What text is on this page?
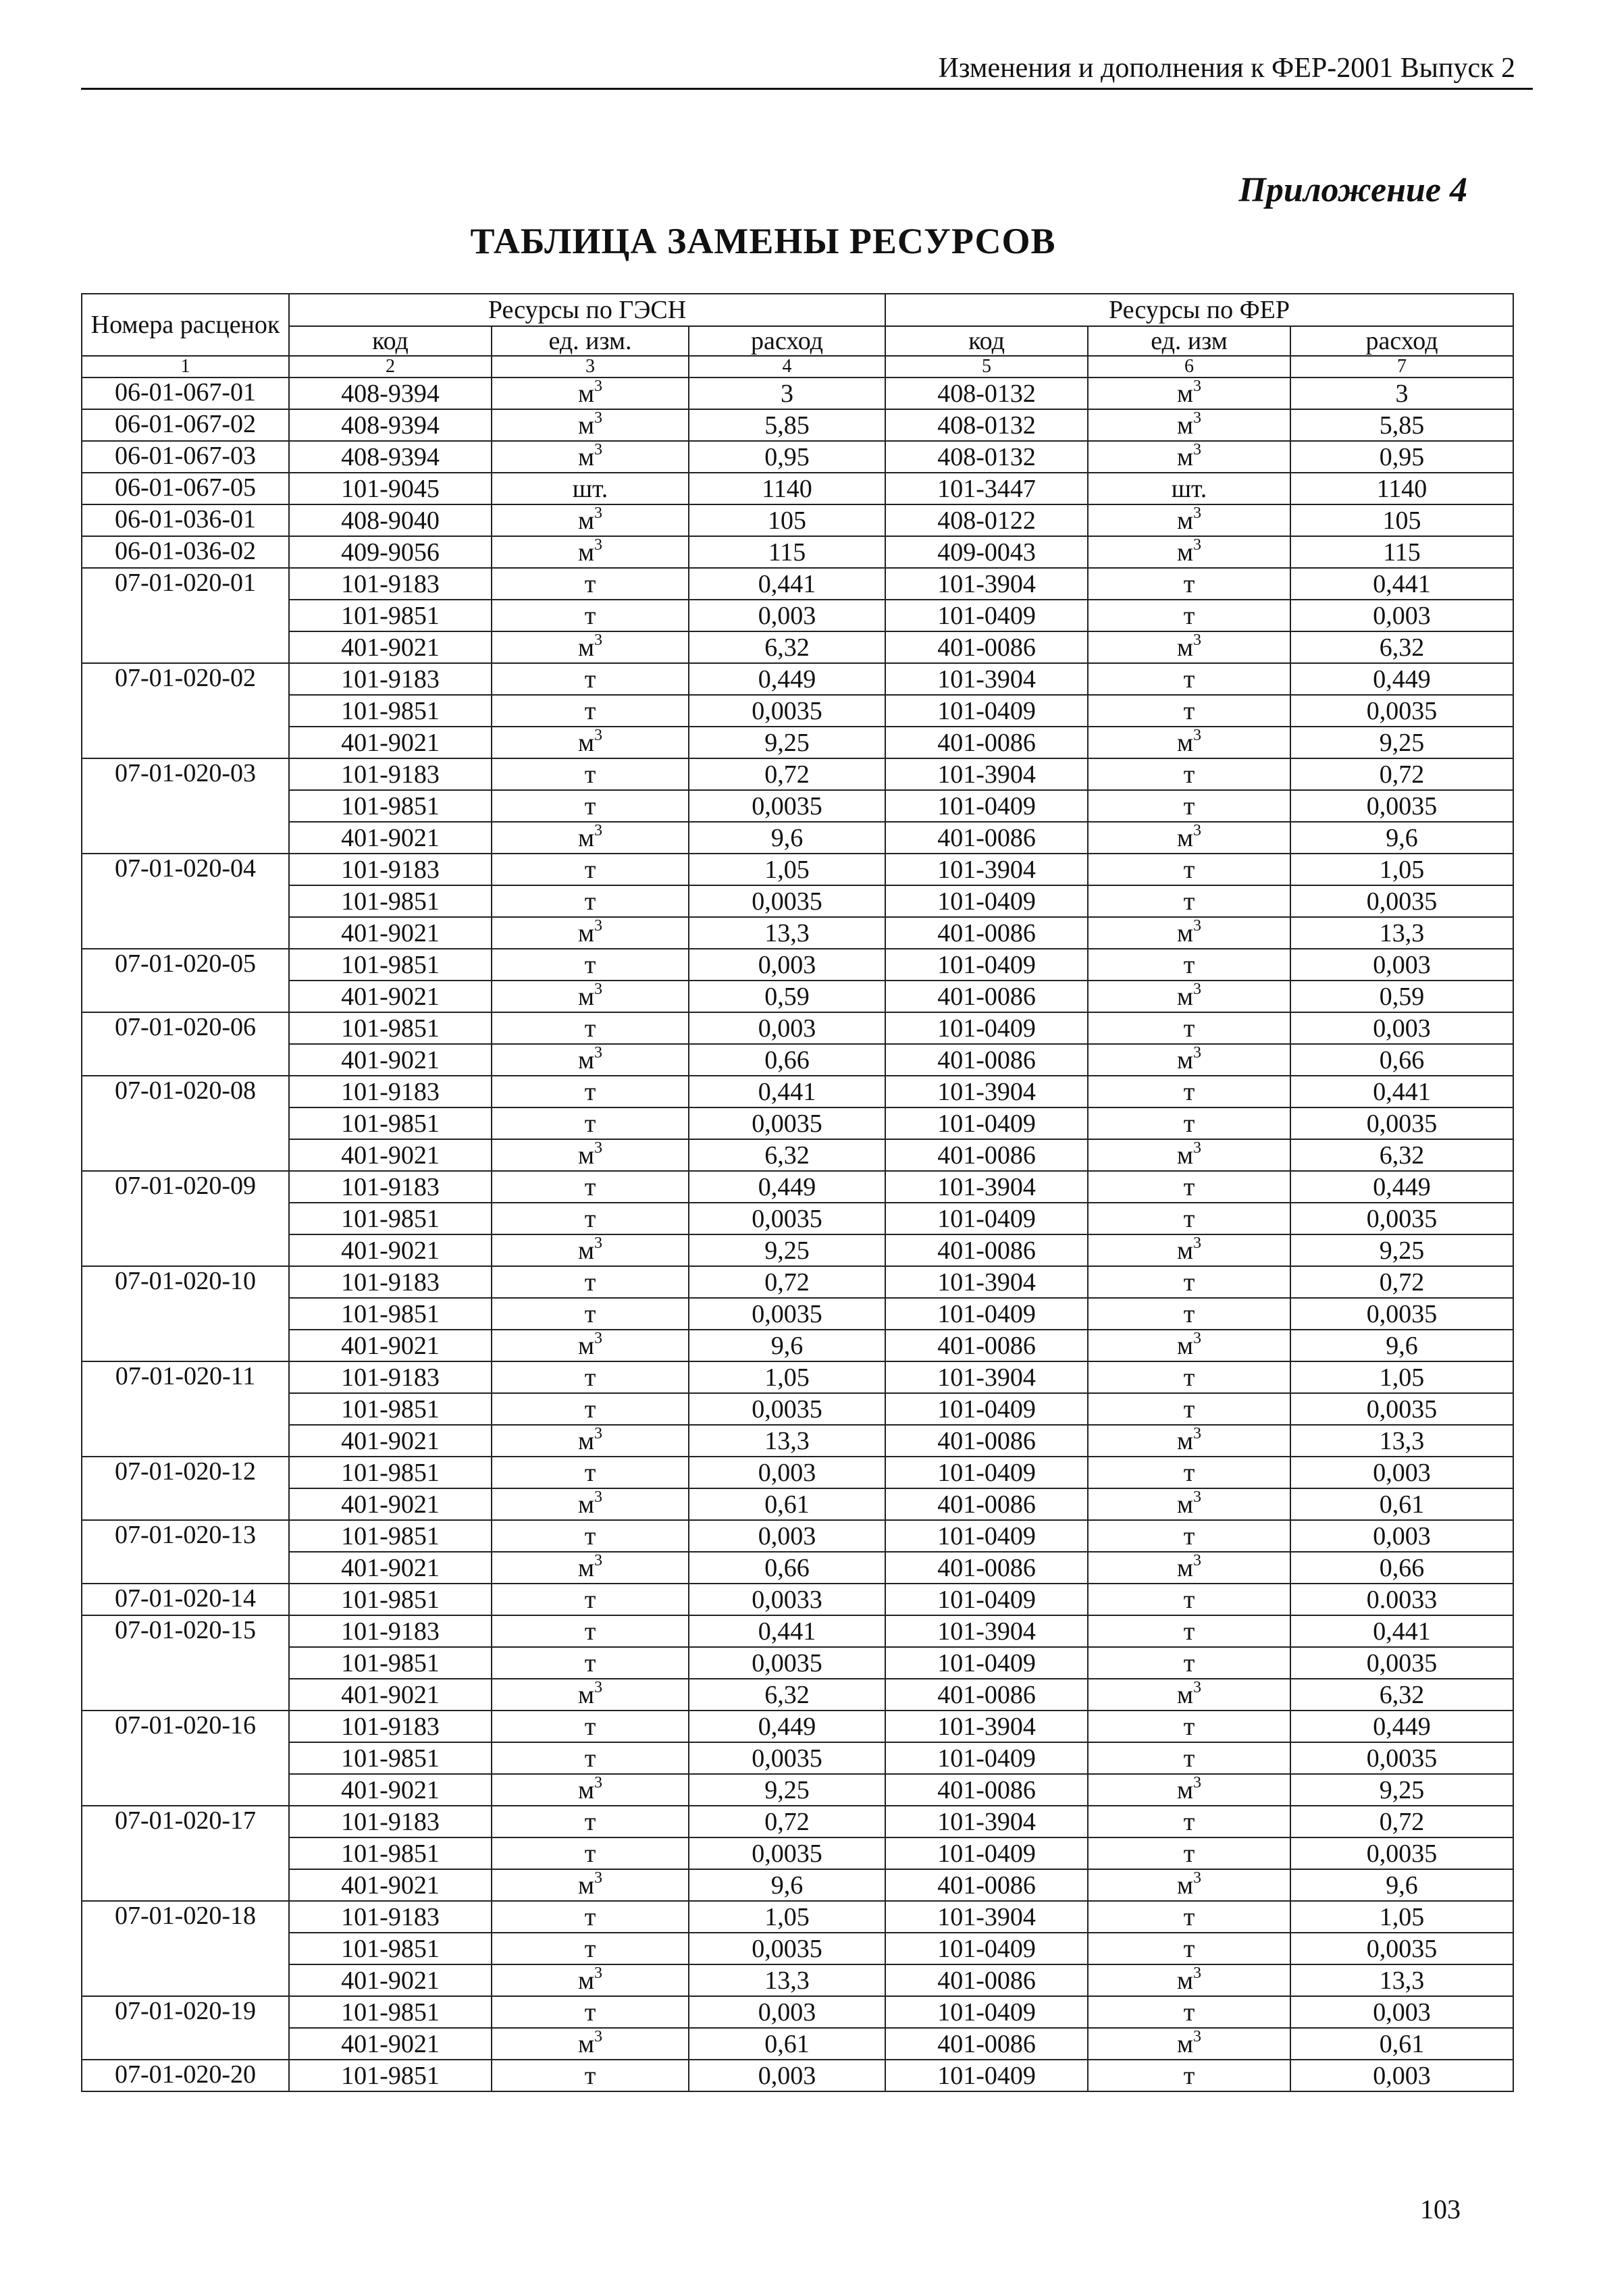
Изменения и дополнения к ФЕР-2001 Выпуск 2
Приложение 4
ТАБЛИЦА ЗАМЕНЫ РЕСУРСОВ
Номера расценок	Ресурсы по ГЭСН			Ресурсы по ФЕР		
	код	ед. изм.	расход	код	ед. изм	расход
1	2	3	4	5	6	7
06-01-067-01	408-9394	$м^3$	3	408-0132	$м^3$	3
06-01-067-02	408-9394	$м^3$	5,85	408-0132	$м^3$	5,85
06-01-067-03	408-9394	$м^3$	0,95	408-0132	$м^3$	0,95
06-01-067-05	101-9045	шт.	1140	101-3447	шт.	1140
06-01-036-01	408-9040	$м^3$	105	408-0122	$м^3$	105
06-01-036-02	409-9056	$м^3$	115	409-0043	$м^3$	115
07-01-020-01	101-9183	т	0,441	101-3904	т	0,441
	101-9851	т	0,003	101-0409	т	0,003
	401-9021	$м^3$	6,32	401-0086	$м^3$	6,32
07-01-020-02	101-9183	т	0,449	101-3904	т	0,449
	101-9851	т	0,0035	101-0409	т	0,0035
	401-9021	$м^3$	9,25	401-0086	$м^3$	9,25
07-01-020-03	101-9183	т	0,72	101-3904	т	0,72
	101-9851	т	0,0035	101-0409	т	0,0035
	401-9021	$м^3$	9,6	401-0086	$м^3$	9,6
07-01-020-04	101-9183	т	1,05	101-3904	т	1,05
	101-9851	т	0,0035	101-0409	т	0,0035
	401-9021	$м^3$	13,3	401-0086	$м^3$	13,3
07-01-020-05	101-9851	т	0,003	101-0409	т	0,003
	401-9021	$м^3$	0,59	401-0086	$м^3$	0,59
07-01-020-06	101-9851	т	0,003	101-0409	т	0,003
	401-9021	$м^3$	0,66	401-0086	$м^3$	0,66
07-01-020-08	101-9183	т	0,441	101-3904	т	0,441
	101-9851	т	0,0035	101-0409	т	0,0035
	401-9021	$м^3$	6,32	401-0086	$м^3$	6,32
07-01-020-09	101-9183	т	0,449	101-3904	т	0,449
	101-9851	т	0,0035	101-0409	т	0,0035
	401-9021	$м^3$	9,25	401-0086	$м^3$	9,25
07-01-020-10	101-9183	т	0,72	101-3904	т	0,72
	101-9851	т	0,0035	101-0409	т	0,0035
	401-9021	$м^3$	9,6	401-0086	$м^3$	9,6
07-01-020-11	101-9183	т	1,05	101-3904	т	1,05
	101-9851	т	0,0035	101-0409	т	0,0035
	401-9021	$м^3$	13,3	401-0086	$м^3$	13,3
07-01-020-12	101-9851	т	0,003	101-0409	т	0,003
	401-9021	$м^3$	0,61	401-0086	$м^3$	0,61
07-01-020-13	101-9851	т	0,003	101-0409	т	0,003
	401-9021	$м^3$	0,66	401-0086	$м^3$	0,66
07-01-020-14	101-9851	т	0,0033	101-0409	т	0.0033
07-01-020-15	101-9183	т	0,441	101-3904	т	0,441
	101-9851	т	0,0035	101-0409	т	0,0035
	401-9021	$м^3$	6,32	401-0086	$м^3$	6,32
07-01-020-16	101-9183	т	0,449	101-3904	т	0,449
	101-9851	т	0,0035	101-0409	т	0,0035
	401-9021	$м^3$	9,25	401-0086	$м^3$	9,25
07-01-020-17	101-9183	т	0,72	101-3904	т	0,72
	101-9851	т	0,0035	101-0409	т	0,0035
	401-9021	$м^3$	9,6	401-0086	$м^3$	9,6
07-01-020-18	101-9183	т	1,05	101-3904	т	1,05
	101-9851	т	0,0035	101-0409	т	0,0035
	401-9021	$м^3$	13,3	401-0086	$м^3$	13,3
07-01-020-19	101-9851	т	0,003	101-0409	т	0,003
	401-9021	$м^3$	0,61	401-0086	$м^3$	0,61
07-01-020-20	101-9851	т	0,003	101-0409	т	0,003
103
